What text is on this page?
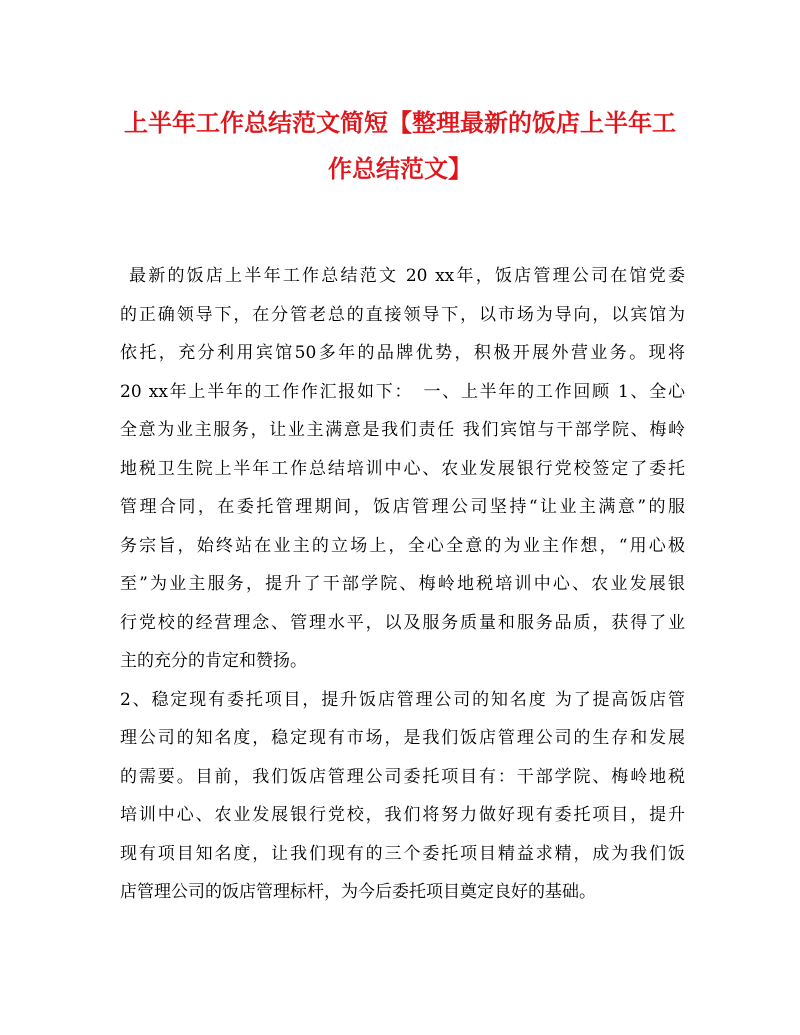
上半年工作总结范文简短【整理最新的饭店上半年工
作总结范文】

最新的饭店上半年工作总结范文 20 xx年，饭店管理公司在馆党委
的正确领导下，在分管老总的直接领导下，以市场为导向，以宾馆为
依托，充分利用宾馆50多年的品牌优势，积极开展外营业务。现将
20 xx年上半年的工作作汇报如下：　一、上半年的工作回顾 1、全心
全意为业主服务，让业主满意是我们责任 我们宾馆与干部学院、梅岭
地税卫生院上半年工作总结培训中心、农业发展银行党校签定了委托
管理合同，在委托管理期间，饭店管理公司坚持“让业主满意”的服
务宗旨，始终站在业主的立场上，全心全意的为业主作想，“用心极
至”为业主服务，提升了干部学院、梅岭地税培训中心、农业发展银
行党校的经营理念、管理水平，以及服务质量和服务品质，获得了业
主的充分的肯定和赞扬。

2、稳定现有委托项目，提升饭店管理公司的知名度 为了提高饭店管
理公司的知名度，稳定现有市场，是我们饭店管理公司的生存和发展
的需要。目前，我们饭店管理公司委托项目有：干部学院、梅岭地税
培训中心、农业发展银行党校，我们将努力做好现有委托项目，提升
现有项目知名度，让我们现有的三个委托项目精益求精，成为我们饭
店管理公司的饭店管理标杆，为今后委托项目奠定良好的基础。
